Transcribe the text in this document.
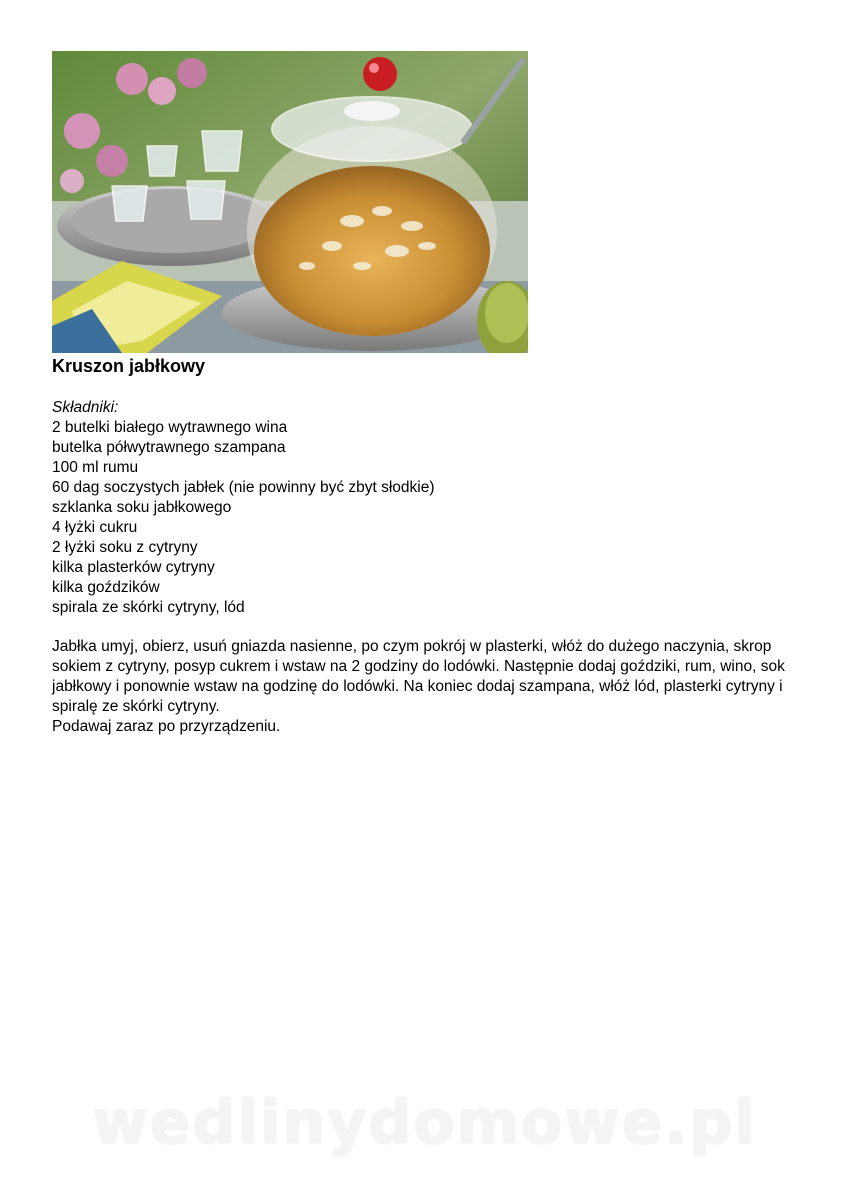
Kruszon jabłkowy
Składniki:
2 butelki białego wytrawnego wina
butelka półwytrawnego szampana
100 ml rumu
60 dag soczystych jabłek (nie powinny być zbyt słodkie)
szklanka soku jabłkowego
4 łyżki cukru
2 łyżki soku z cytryny
kilka plasterków cytryny
kilka goździków
spirala ze skórki cytryny, lód

Jabłka umyj, obierz, usuń gniazda nasienne, po czym pokrój w plasterki, włóż do dużego naczynia, skrop sokiem z cytryny, posyp cukrem i wstaw na 2 godziny do lodówki. Następnie dodaj goździki, rum, wino, sok jabłkowy i ponownie wstaw na godzinę do lodówki. Na koniec dodaj szampana, włóż lód, plasterki cytryny i spiralę ze skórki cytryny.

Podawaj zaraz po przyrządzeniu.

wedlinydomowe.pl
